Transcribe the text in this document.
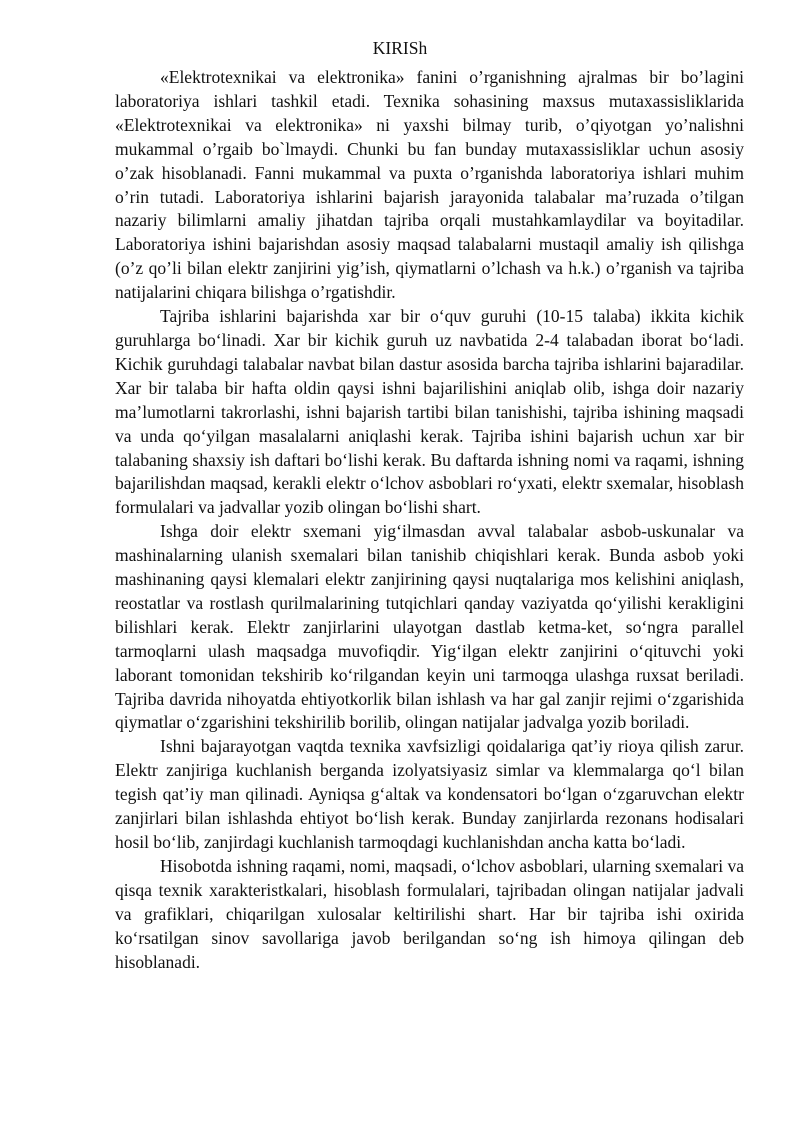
KIRISh

«Elektrotexnikai va elektronika» fanini o’rganishning ajralmas bir bo’lagini laboratoriya ishlari tashkil etadi. Texnika sohasining maxsus mutaxassisliklarida «Elektrotexnikai va elektronika» ni yaxshi bilmay turib, o’qiyotgan yo’nalishni mukammal o’rgaib bo`lmaydi. Chunki bu fan bunday mutaxassisliklar uchun asosiy o’zak hisoblanadi. Fanni mukammal va puxta o’rganishda laboratoriya ishlari muhim o’rin tutadi. Laboratoriya ishlarini bajarish jarayonida talabalar ma’ruzada o’tilgan nazariy bilimlarni amaliy jihatdan tajriba orqali mustahkamlaydilar va boyitadilar. Laboratoriya ishini bajarishdan asosiy maqsad talabalarni mustaqil amaliy ish qilishga (o’z qo’li bilan elektr zanjirini yig’ish, qiymatlarni o’lchash va h.k.) o’rganish va tajriba natijalarini chiqara bilishga o’rgatishdir.

Tajriba ishlarini bajarishda xar bir o‘quv guruhi (10-15 talaba) ikkita kichik guruhlarga bo‘linadi. Xar bir kichik guruh uz navbatida 2-4 talabadan iborat bo‘ladi. Kichik guruhdagi talabalar navbat bilan dastur asosida barcha tajriba ishlarini bajaradilar. Xar bir talaba bir hafta oldin qaysi ishni bajarilishini aniqlab olib, ishga doir nazariy ma’lumotlarni takrorlashi, ishni bajarish tartibi bilan tanishishi, tajriba ishining maqsadi va unda qo‘yilgan masalalarni aniqlashi kerak. Tajriba ishini bajarish uchun xar bir talabaning shaxsiy ish daftari bo‘lishi kerak. Bu daftarda ishning nomi va raqami, ishning bajarilishdan maqsad, kerakli elektr o‘lchov asboblari ro‘yxati, elektr sxemalar, hisoblash formulalari va jadvallar yozib olingan bo‘lishi shart.

Ishga doir elektr sxemani yig‘ilmasdan avval talabalar asbob-uskunalar va mashinalarning ulanish sxemalari bilan tanishib chiqishlari kerak. Bunda asbob yoki mashinaning qaysi klemalari elektr zanjirining qaysi nuqtalariga mos kelishini aniqlash, reostatlar va rostlash qurilmalarining tutqichlari qanday vaziyatda qo‘yilishi kerakligini bilishlari kerak. Elektr zanjirlarini ulayotgan dastlab ketma-ket, so‘ngra parallel tarmoqlarni ulash maqsadga muvofiqdir. Yig‘ilgan elektr zanjirini o‘qituvchi yoki laborant tomonidan tekshirib ko‘rilgandan keyin uni tarmoqga ulashga ruxsat beriladi. Tajriba davrida nihoyatda ehtiyotkorlik bilan ishlash va har gal zanjir rejimi o‘zgarishida qiymatlar o‘zgarishini tekshirilib borilib, olingan natijalar jadvalga yozib boriladi.

Ishni bajarayotgan vaqtda texnika xavfsizligi qoidalariga qat’iy rioya qilish zarur. Elektr zanjiriga kuchlanish berganda izolyatsiyasiz simlar va klemmalarga qo‘l bilan tegish qat’iy man qilinadi. Ayniqsa g‘altak va kondensatori bo‘lgan o‘zgaruvchan elektr zanjirlari bilan ishlashda ehtiyot bo‘lish kerak. Bunday zanjirlarda rezonans hodisalari hosil bo‘lib, zanjirdagi kuchlanish tarmoqdagi kuchlanishdan ancha katta bo‘ladi.

Hisobotda ishning raqami, nomi, maqsadi, o‘lchov asboblari, ularning sxemalari va qisqa texnik xarakteristkalari, hisoblash formulalari, tajribadan olingan natijalar jadvali va grafiklari, chiqarilgan xulosalar keltirilishi shart. Har bir tajriba ishi oxirida ko‘rsatilgan sinov savollariga javob berilgandan so‘ng ish himoya qilingan deb hisoblanadi.
